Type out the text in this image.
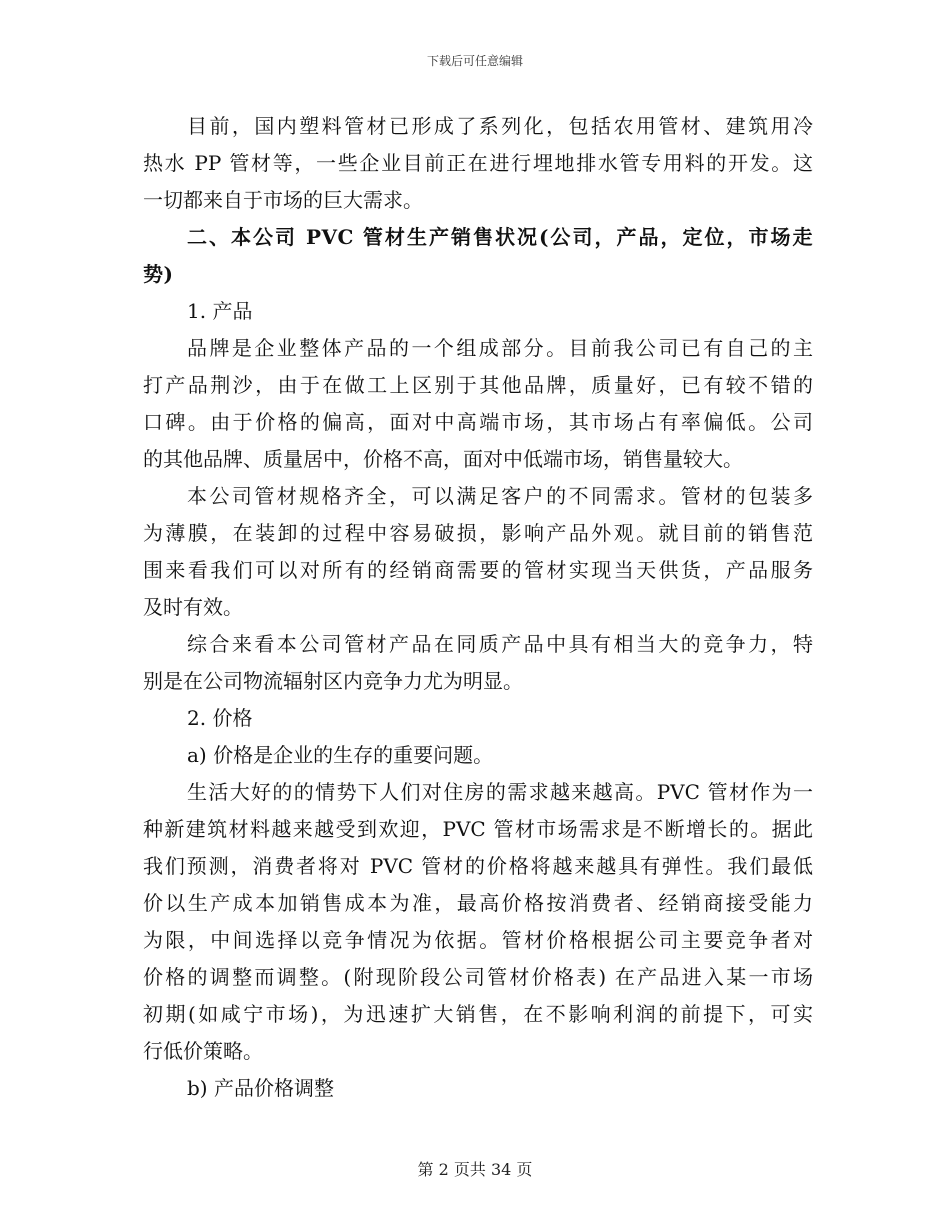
下载后可任意编辑
目前，国内塑料管材已形成了系列化，包括农用管材、建筑用冷
热水 PP 管材等，一些企业目前正在进行埋地排水管专用料的开发。这
一切都来自于市场的巨大需求。
二、本公司 PVC 管材生产销售状况(公司，产品，定位，市场走
势)
1. 产品
品牌是企业整体产品的一个组成部分。目前我公司已有自己的主
打产品荆沙，由于在做工上区别于其他品牌，质量好，已有较不错的
口碑。由于价格的偏高，面对中高端市场，其市场占有率偏低。公司
的其他品牌、质量居中，价格不高，面对中低端市场，销售量较大。
本公司管材规格齐全，可以满足客户的不同需求。管材的包装多
为薄膜，在装卸的过程中容易破损，影响产品外观。就目前的销售范
围来看我们可以对所有的经销商需要的管材实现当天供货，产品服务
及时有效。
综合来看本公司管材产品在同质产品中具有相当大的竞争力，特
别是在公司物流辐射区内竞争力尤为明显。
2. 价格
a) 价格是企业的生存的重要问题。
生活大好的的情势下人们对住房的需求越来越高。PVC 管材作为一
种新建筑材料越来越受到欢迎，PVC 管材市场需求是不断增长的。据此
我们预测，消费者将对 PVC 管材的价格将越来越具有弹性。我们最低
价以生产成本加销售成本为准，最高价格按消费者、经销商接受能力
为限，中间选择以竞争情况为依据。管材价格根据公司主要竞争者对
价格的调整而调整。(附现阶段公司管材价格表) 在产品进入某一市场
初期(如咸宁市场)，为迅速扩大销售，在不影响利润的前提下，可实
行低价策略。
b) 产品价格调整
第 2 页共 34 页
